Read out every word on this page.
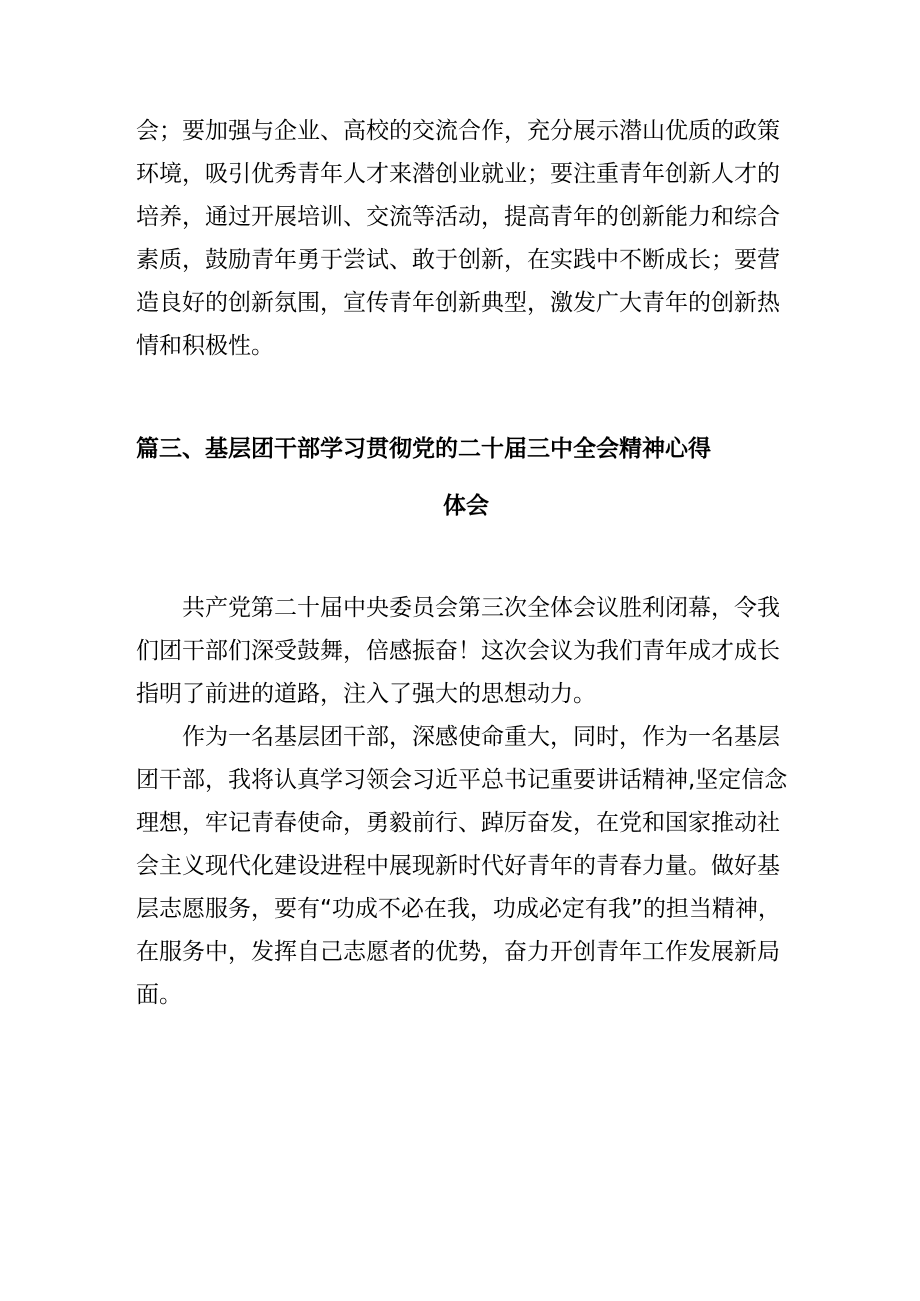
会；要加强与企业、高校的交流合作，充分展示潜山优质的政策
环境，吸引优秀青年人才来潜创业就业；要注重青年创新人才的
培养，通过开展培训、交流等活动，提高青年的创新能力和综合
素质，鼓励青年勇于尝试、敢于创新，在实践中不断成长；要营
造良好的创新氛围，宣传青年创新典型，激发广大青年的创新热
情和积极性。
篇三、基层团干部学习贯彻党的二十届三中全会精神心得
体会
共产党第二十届中央委员会第三次全体会议胜利闭幕，令我
们团干部们深受鼓舞，倍感振奋！这次会议为我们青年成才成长
指明了前进的道路，注入了强大的思想动力。
作为一名基层团干部，深感使命重大，同时，作为一名基层
团干部，我将认真学习领会习近平总书记重要讲话精神,坚定信念
理想，牢记青春使命，勇毅前行、踔厉奋发，在党和国家推动社
会主义现代化建设进程中展现新时代好青年的青春力量。做好基
层志愿服务，要有“功成不必在我，功成必定有我”的担当精神，
在服务中，发挥自己志愿者的优势，奋力开创青年工作发展新局
面。
